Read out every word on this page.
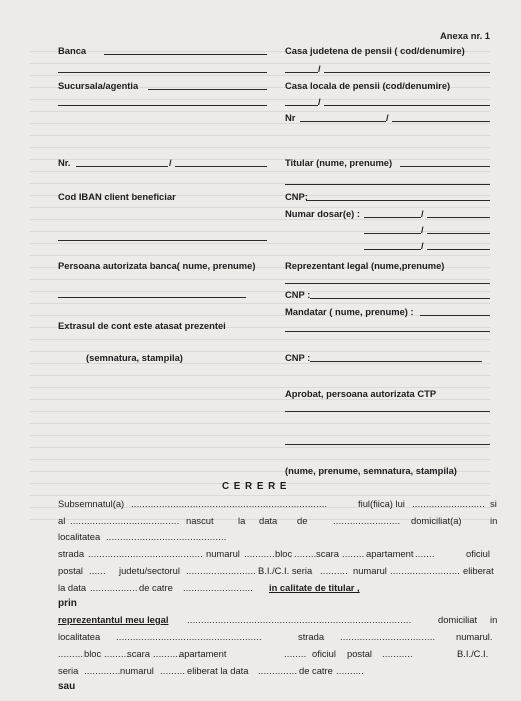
Anexa nr. 1
Banca
Sucursala/agentia
Nr.	/
Cod IBAN client beneficiar
Persoana autorizata banca( nume, prenume)
Extrasul de cont este atasat prezentei
(semnatura, stampila)
Casa judetena de pensii ( cod/denumire)
/
Casa locala de pensii (cod/denumire)
/
Nr	/
Titular (nume, prenume)
CNP:
Numar dosar(e) :	/
/
/
Reprezentant legal (nume,prenume)
CNP :
Mandatar ( nume, prenume) :
CNP :
Aprobat, persoana autorizata CTP
(nume, prenume, semnatura, stampila)
C E R E R E
Subsemnatul(a) ......................................................................	fiul(fiica) lui .......................... si
al ....................................... nascut	la data de	........................ domiciliat(a)	in
localitatea ...........................................
strada ......................................... numarul ........... bloc ........ scara ........ apartament .......	oficiul
postal ...... judetu/sectorul ......................... B.I./C.I. seria .......... numarul ......................... eliberat
la data ................. de catre ......................... in calitate de titular ,
prin
reprezentantul meu legal ................................................................................	domiciliat in
localitatea ....................................................	strada .................................. numarul.
......... bloc .........
scara ..........
apartament	........ oficiul postal ...........	B.I./C.I.
seria ............. numarul ......... eliberat la data .............. de catre ..........
sau
